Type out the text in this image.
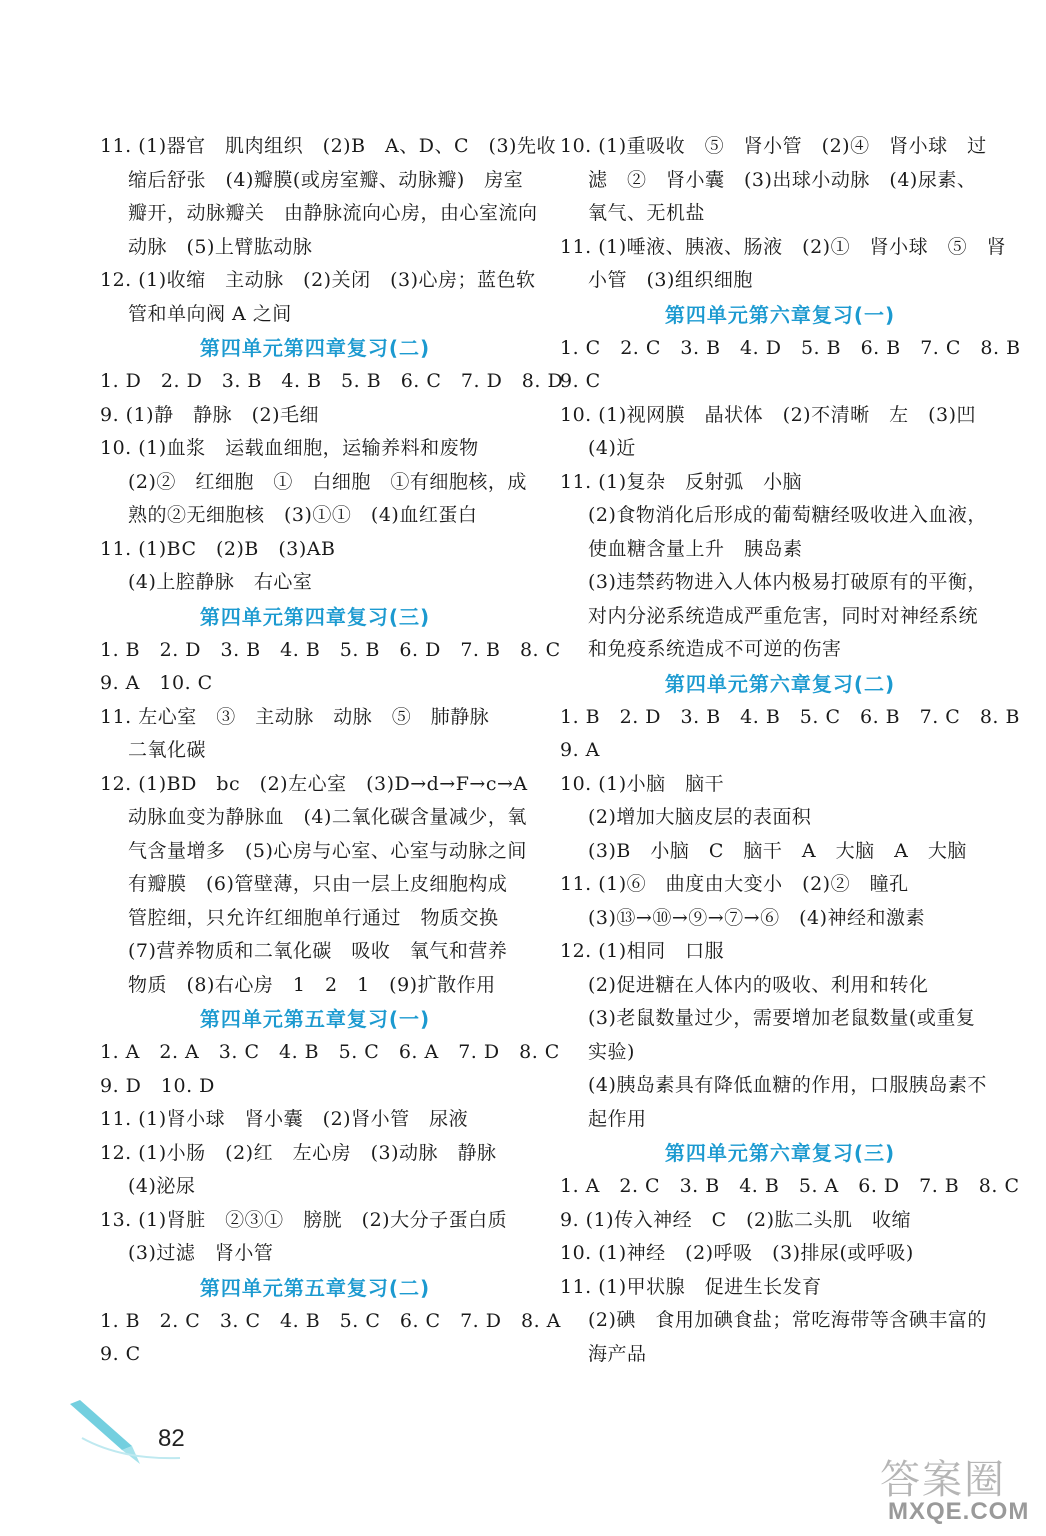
11. (1)器官　肌肉组织　(2)B　A、D、C　(3)先收
缩后舒张　(4)瓣膜(或房室瓣、动脉瓣)　房室
瓣开，动脉瓣关　由静脉流向心房，由心室流向
动脉　(5)上臂肱动脉
12. (1)收缩　主动脉　(2)关闭　(3)心房；蓝色软
管和单向阀 A 之间
第四单元第四章复习(二)
1. D　2. D　3. B　4. B　5. B　6. C　7. D　8. D
9. (1)静　静脉　(2)毛细
10. (1)血浆　运载血细胞，运输养料和废物
(2)②　红细胞　①　白细胞　①有细胞核，成
熟的②无细胞核　(3)①①　(4)血红蛋白
11. (1)BC　(2)B　(3)AB
(4)上腔静脉　右心室
第四单元第四章复习(三)
1. B　2. D　3. B　4. B　5. B　6. D　7. B　8. C
9. A　10. C
11. 左心室　③　主动脉　动脉　⑤　肺静脉
二氧化碳
12. (1)BD　bc　(2)左心室　(3)D→d→F→c→A
动脉血变为静脉血　(4)二氧化碳含量减少，氧
气含量增多　(5)心房与心室、心室与动脉之间
有瓣膜　(6)管壁薄，只由一层上皮细胞构成
管腔细，只允许红细胞单行通过　物质交换
(7)营养物质和二氧化碳　吸收　氧气和营养
物质　(8)右心房　1　2　1　(9)扩散作用
第四单元第五章复习(一)
1. A　2. A　3. C　4. B　5. C　6. A　7. D　8. C
9. D　10. D
11. (1)肾小球　肾小囊　(2)肾小管　尿液
12. (1)小肠　(2)红　左心房　(3)动脉　静脉
(4)泌尿
13. (1)肾脏　②③①　膀胱　(2)大分子蛋白质
(3)过滤　肾小管
第四单元第五章复习(二)
1. B　2. C　3. C　4. B　5. C　6. C　7. D　8. A
9. C
10. (1)重吸收　⑤　肾小管　(2)④　肾小球　过
滤　②　肾小囊　(3)出球小动脉　(4)尿素、
氧气、无机盐
11. (1)唾液、胰液、肠液　(2)①　肾小球　⑤　肾
小管　(3)组织细胞
第四单元第六章复习(一)
1. C　2. C　3. B　4. D　5. B　6. B　7. C　8. B
9. C
10. (1)视网膜　晶状体　(2)不清晰　左　(3)凹
(4)近
11. (1)复杂　反射弧　小脑
(2)食物消化后形成的葡萄糖经吸收进入血液，
使血糖含量上升　胰岛素
(3)违禁药物进入人体内极易打破原有的平衡，
对内分泌系统造成严重危害，同时对神经系统
和免疫系统造成不可逆的伤害
第四单元第六章复习(二)
1. B　2. D　3. B　4. B　5. C　6. B　7. C　8. B
9. A
10. (1)小脑　脑干
(2)增加大脑皮层的表面积
(3)B　小脑　C　脑干　A　大脑　A　大脑
11. (1)⑥　曲度由大变小　(2)②　瞳孔
(3)⑬→⑩→⑨→⑦→⑥　(4)神经和激素
12. (1)相同　口服
(2)促进糖在人体内的吸收、利用和转化
(3)老鼠数量过少，需要增加老鼠数量(或重复
实验)
(4)胰岛素具有降低血糖的作用，口服胰岛素不
起作用
第四单元第六章复习(三)
1. A　2. C　3. B　4. B　5. A　6. D　7. B　8. C
9. (1)传入神经　C　(2)肱二头肌　收缩
10. (1)神经　(2)呼吸　(3)排尿(或呼吸)
11. (1)甲状腺　促进生长发育
(2)碘　食用加碘食盐；常吃海带等含碘丰富的
海产品
82
答案圈
MXQE.COM
